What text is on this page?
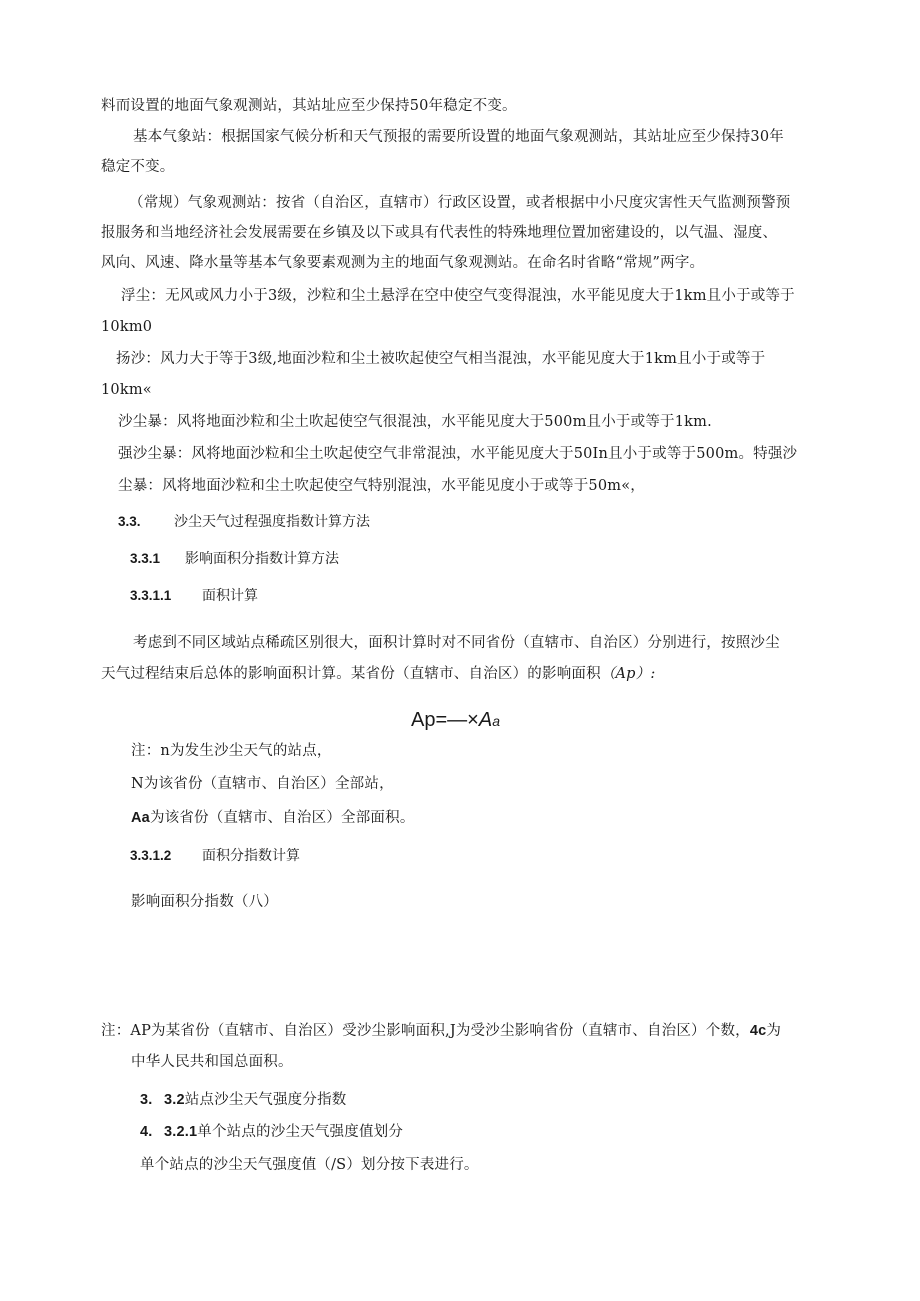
料而设置的地面气象观测站，其站址应至少保持50年稳定不变。
基本气象站：根据国家气候分析和天气预报的需要所设置的地面气象观测站，其站址应至少保持30年
稳定不变。
（常规）气象观测站：按省（自治区，直辖市）行政区设置，或者根据中小尺度灾害性天气监测预警预
报服务和当地经济社会发展需要在乡镇及以下或具有代表性的特殊地理位置加密建设的，以气温、湿度、
风向、风速、降水量等基本气象要素观测为主的地面气象观测站。在命名时省略“常规”两字。
浮尘：无风或风力小于3级，沙粒和尘土悬浮在空中使空气变得混浊，水平能见度大于1km且小于或等于
10km0
扬沙：风力大于等于3级,地面沙粒和尘土被吹起使空气相当混浊，水平能见度大于1km且小于或等于
10km«
沙尘暴：风将地面沙粒和尘土吹起使空气很混浊，水平能见度大于500m且小于或等于1km.
强沙尘暴：风将地面沙粒和尘土吹起使空气非常混浊，水平能见度大于50In且小于或等于500m。特强沙
尘暴：风将地面沙粒和尘土吹起使空气特别混浊，水平能见度小于或等于50m«，
3.3. 沙尘天气过程强度指数计算方法
3.3.1 影响面积分指数计算方法
3.3.1.1 面积计算
考虑到不同区域站点稀疏区别很大，面积计算时对不同省份（直辖市、自治区）分别进行，按照沙尘
天气过程结束后总体的影响面积计算。某省份（直辖市、自治区）的影响面积（Ap）:
Ap=—×Aa
注：n为发生沙尘天气的站点，
N为该省份（直辖市、自治区）全部站，
Aa为该省份（直辖市、自治区）全部面积。
3.3.1.2 面积分指数计算
影响面积分指数（八）
注：AP为某省份（直辖市、自治区）受沙尘影响面积,J为受沙尘影响省份（直辖市、自治区）个数，4c为
中华人民共和国总面积。
3. 3.2站点沙尘天气强度分指数
4. 3.2.1单个站点的沙尘天气强度值划分
单个站点的沙尘天气强度值（/S）划分按下表进行。
